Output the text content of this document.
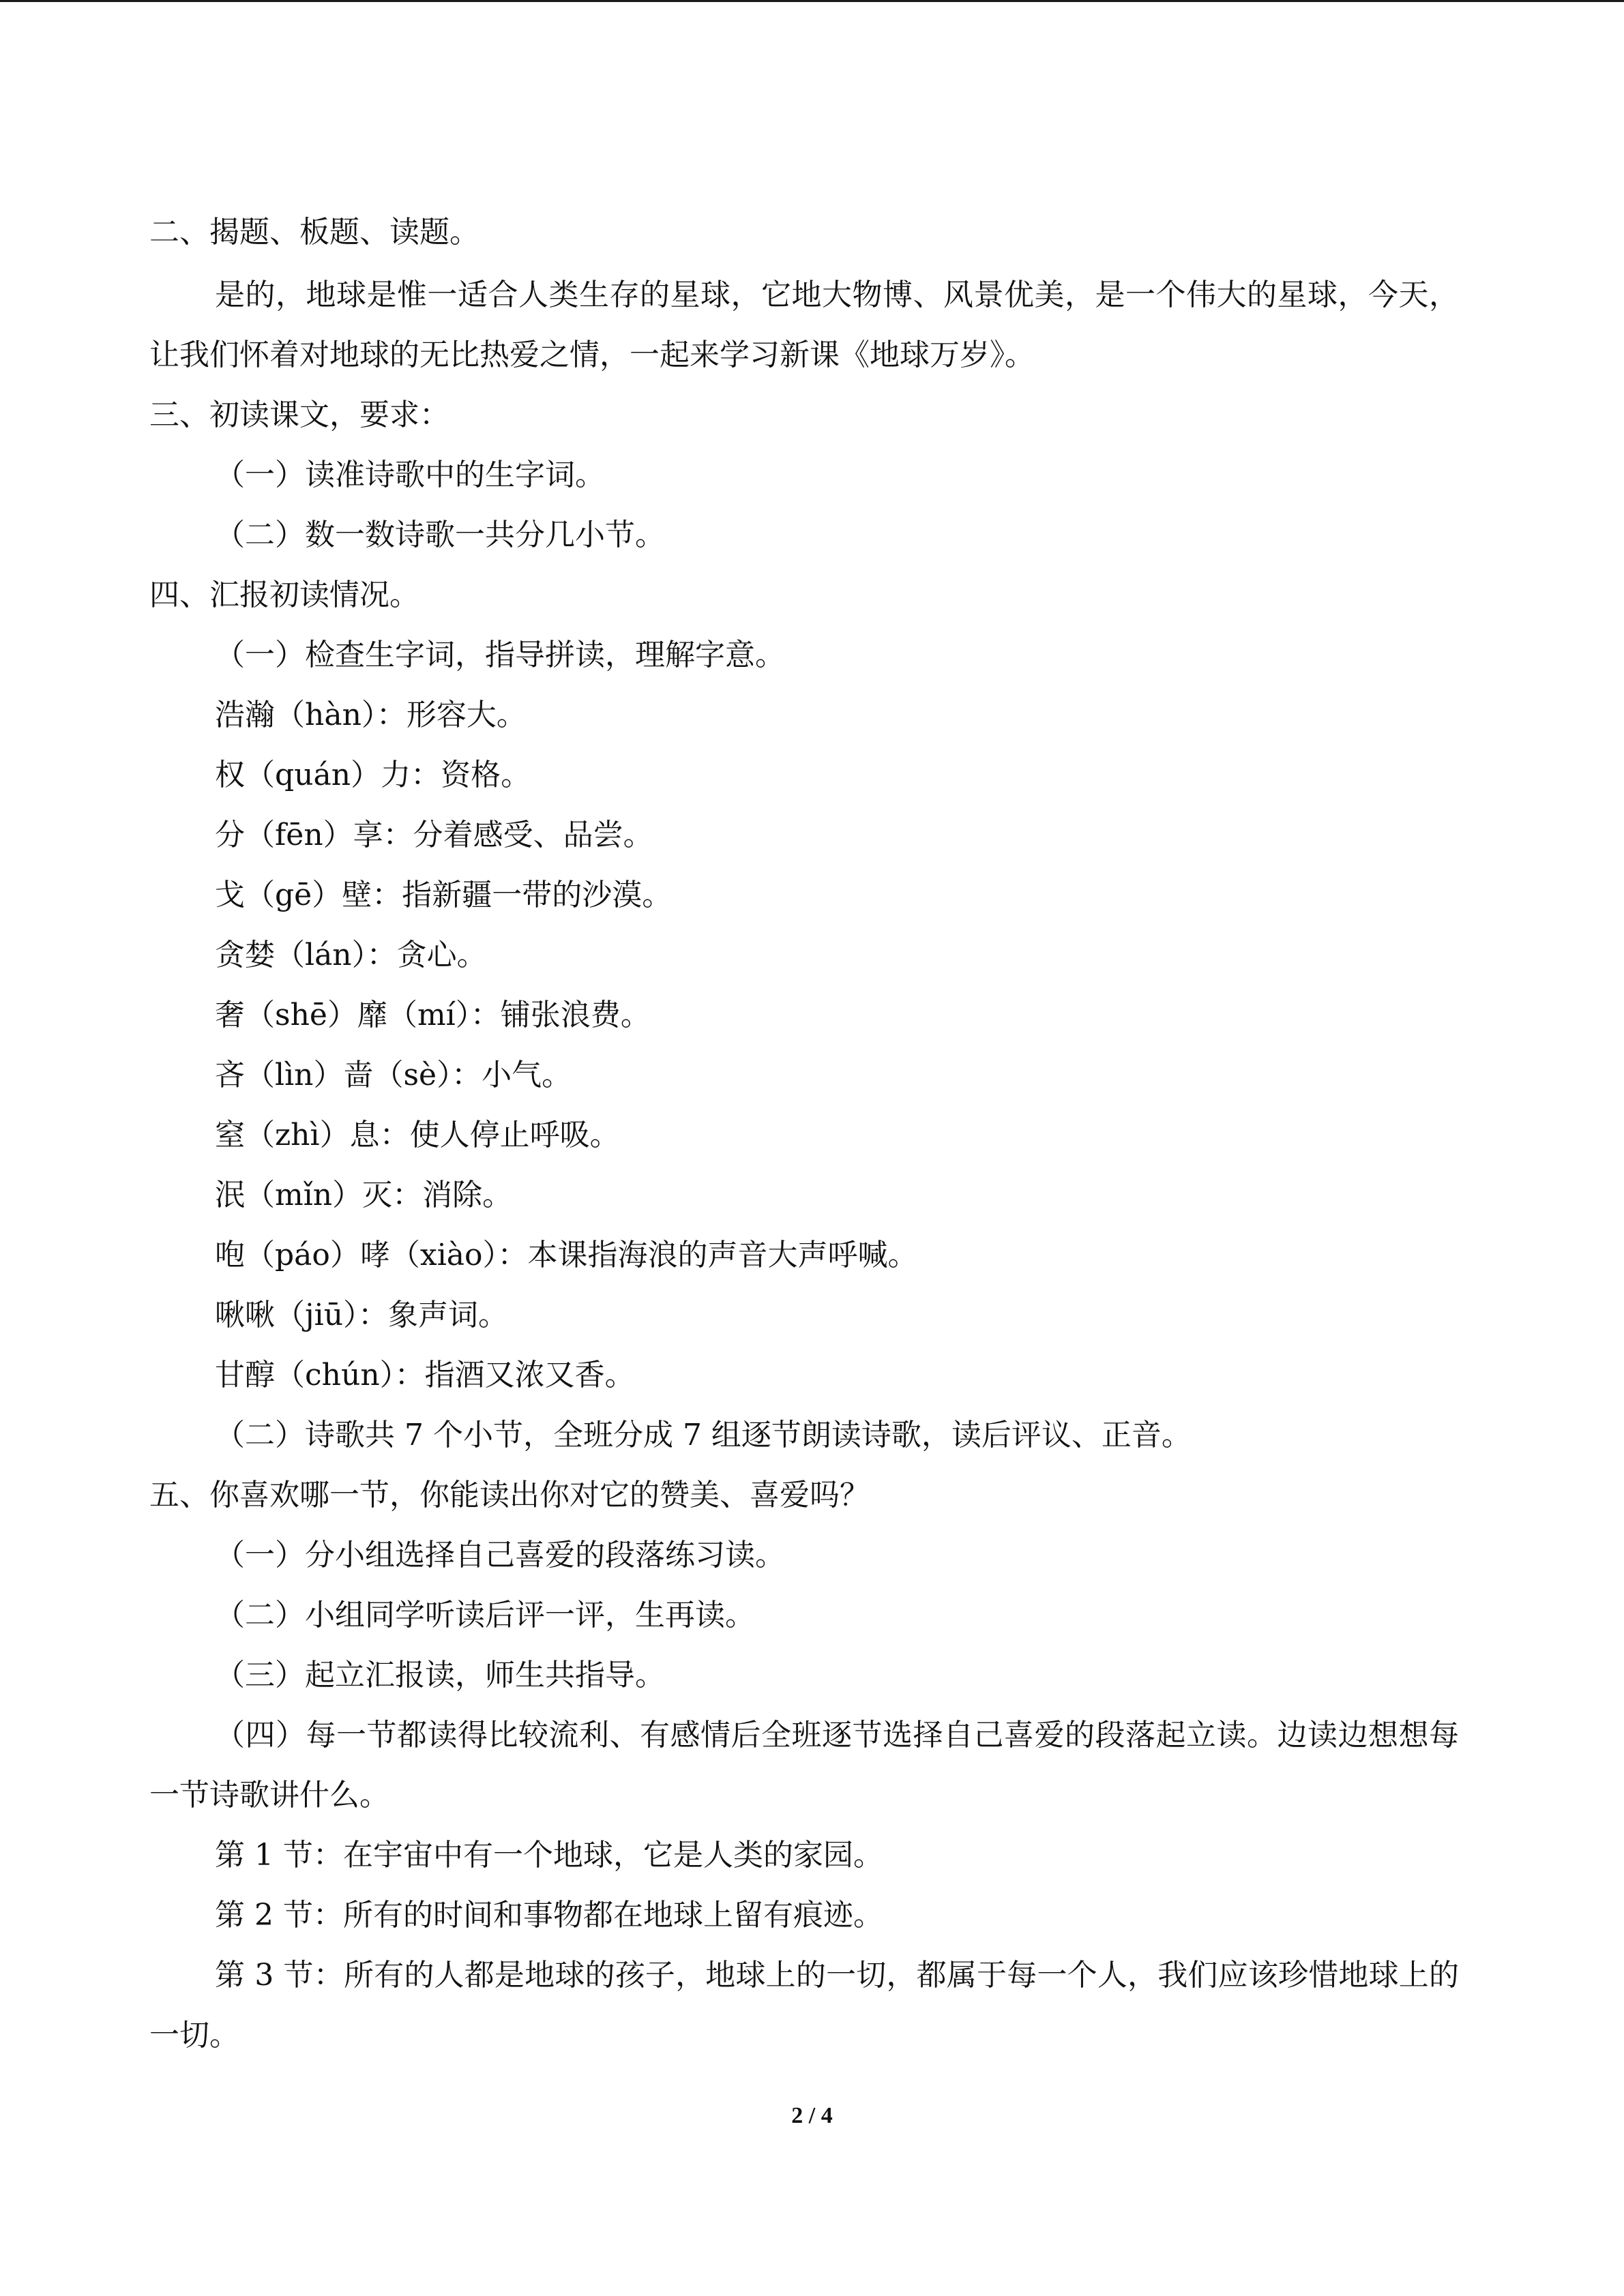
二、揭题、板题、读题。
是的，地球是惟一适合人类生存的星球，它地大物博、风景优美，是一个伟大的星球，今天，让我们怀着对地球的无比热爱之情，一起来学习新课《地球万岁》。
三、初读课文，要求：
（一）读准诗歌中的生字词。
（二）数一数诗歌一共分几小节。
四、汇报初读情况。
（一）检查生字词，指导拼读，理解字意。
浩瀚（hàn）：形容大。
权（quán）力：资格。
分（fēn）享：分着感受、品尝。
戈（gē）壁：指新疆一带的沙漠。
贪婪（lán）：贪心。
奢（shē）靡（mí）：铺张浪费。
吝（lìn）啬（sè）：小气。
窒（zhì）息：使人停止呼吸。
泯（mǐn）灭：消除。
咆（páo）哮（xiào）：本课指海浪的声音大声呼喊。
啾啾（jiū）：象声词。
甘醇（chún）：指酒又浓又香。
（二）诗歌共 7 个小节，全班分成 7 组逐节朗读诗歌，读后评议、正音。
五、你喜欢哪一节，你能读出你对它的赞美、喜爱吗？
（一）分小组选择自己喜爱的段落练习读。
（二）小组同学听读后评一评，生再读。
（三）起立汇报读，师生共指导。
（四）每一节都读得比较流利、有感情后全班逐节选择自己喜爱的段落起立读。边读边想想每一节诗歌讲什么。
第 1 节：在宇宙中有一个地球，它是人类的家园。
第 2 节：所有的时间和事物都在地球上留有痕迹。
第 3 节：所有的人都是地球的孩子，地球上的一切，都属于每一个人，我们应该珍惜地球上的一切。
2 / 4
